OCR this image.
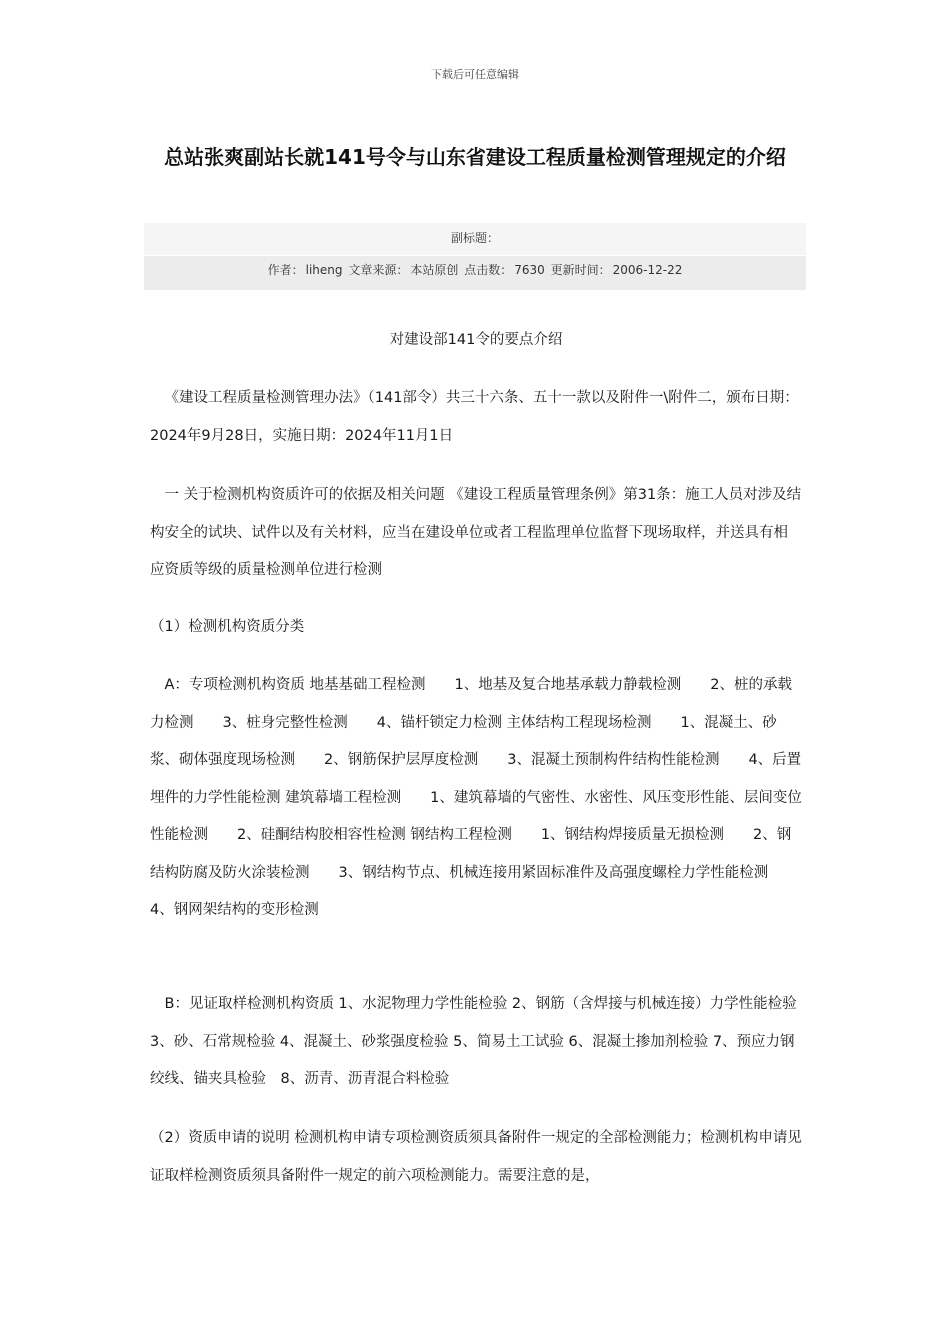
下载后可任意编辑
总站张爽副站长就141号令与山东省建设工程质量检测管理规定的介绍
副标题：
作者： liheng 文章来源： 本站原创 点击数： 7630 更新时间： 2006-12-22

对建设部141令的要点介绍

《建设工程质量检测管理办法》（141部令）共三十六条、五十一款以及附件一\附件二，颁布日期：2024年9月28日，实施日期：2024年11月1日

一 关于检测机构资质许可的依据及相关问题 《建设工程质量管理条例》第31条：施工人员对涉及结构安全的试块、试件以及有关材料，应当在建设单位或者工程监理单位监督下现场取样，并送具有相应资质等级的质量检测单位进行检测

（1）检测机构资质分类

A：专项检测机构资质 地基基础工程检测　　1、地基及复合地基承载力静载检测　　2、桩的承载力检测　　3、桩身完整性检测　　4、锚杆锁定力检测 主体结构工程现场检测　　1、混凝土、砂浆、砌体强度现场检测　　2、钢筋保护层厚度检测　　3、混凝土预制构件结构性能检测　　4、后置埋件的力学性能检测 建筑幕墙工程检测　　1、建筑幕墙的气密性、水密性、风压变形性能、层间变位性能检测　　2、硅酮结构胶相容性检测 钢结构工程检测　　1、钢结构焊接质量无损检测　　2、钢结构防腐及防火涂装检测　　3、钢结构节点、机械连接用紧固标准件及高强度螺栓力学性能检测　　4、钢网架结构的变形检测

B：见证取样检测机构资质 1、水泥物理力学性能检验 2、钢筋（含焊接与机械连接）力学性能检验 3、砂、石常规检验 4、混凝土、砂浆强度检验 5、简易土工试验 6、混凝土掺加剂检验 7、预应力钢绞线、锚夹具检验　8、沥青、沥青混合料检验

（2）资质申请的说明 检测机构申请专项检测资质须具备附件一规定的全部检测能力；检测机构申请见证取样检测资质须具备附件一规定的前六项检测能力。需要注意的是，
